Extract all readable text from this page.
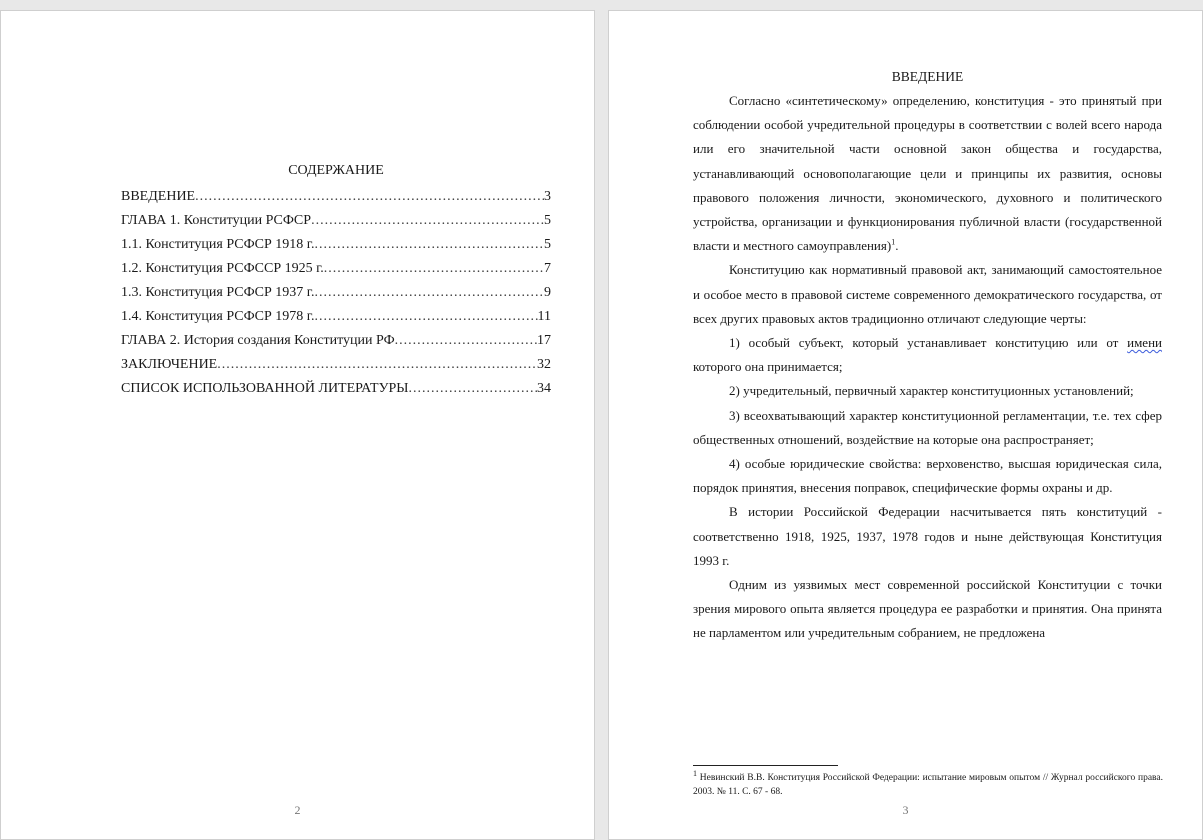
СОДЕРЖАНИЕ

ВВЕДЕНИЕ .....	3
ГЛАВА 1. Конституции РСФСР .....	5
1.1. Конституция РСФСР 1918 г. .....	5
1.2. Конституция РСФССР 1925 г. .....	7
1.3. Конституция РСФСР 1937 г. .....	9
1.4. Конституция РСФСР 1978 г. .....	11
ГЛАВА 2. История создания Конституции РФ .....	17
ЗАКЛЮЧЕНИЕ .....	32
СПИСОК ИСПОЛЬЗОВАННОЙ ЛИТЕРАТУРЫ .....	34
2

ВВЕДЕНИЕ

Согласно «синтетическому» определению, конституция - это принятый при соблюдении особой учредительной процедуры в соответствии с волей всего народа или его значительной части основной закон общества и государства, устанавливающий основополагающие цели и принципы их развития, основы правового положения личности, экономического, духовного и политического устройства, организации и функционирования публичной власти (государственной власти и местного самоуправления)$^1$.

Конституцию как нормативный правовой акт, занимающий самостоятельное и особое место в правовой системе современного демократического государства, от всех других правовых актов традиционно отличают следующие черты:

1) особый субъект, который устанавливает конституцию или от имени которого она принимается;

2) учредительный, первичный характер конституционных установлений;

3) всеохватывающий характер конституционной регламентации, т.е. тех сфер общественных отношений, воздействие на которые она распространяет;

4) особые юридические свойства: верховенство, высшая юридическая сила, порядок принятия, внесения поправок, специфические формы охраны и др.

В истории Российской Федерации насчитывается пять конституций - соответственно 1918, 1925, 1937, 1978 годов и ныне действующая Конституция 1993 г.

Одним из уязвимых мест современной российской Конституции с точки зрения мирового опыта является процедура ее разработки и принятия. Она принята не парламентом или учредительным собранием, не предложена

$^1$ Невинский В.В. Конституция Российской Федерации: испытание мировым опытом // Журнал российского права. 2003. № 11. С. 67 - 68.
3
